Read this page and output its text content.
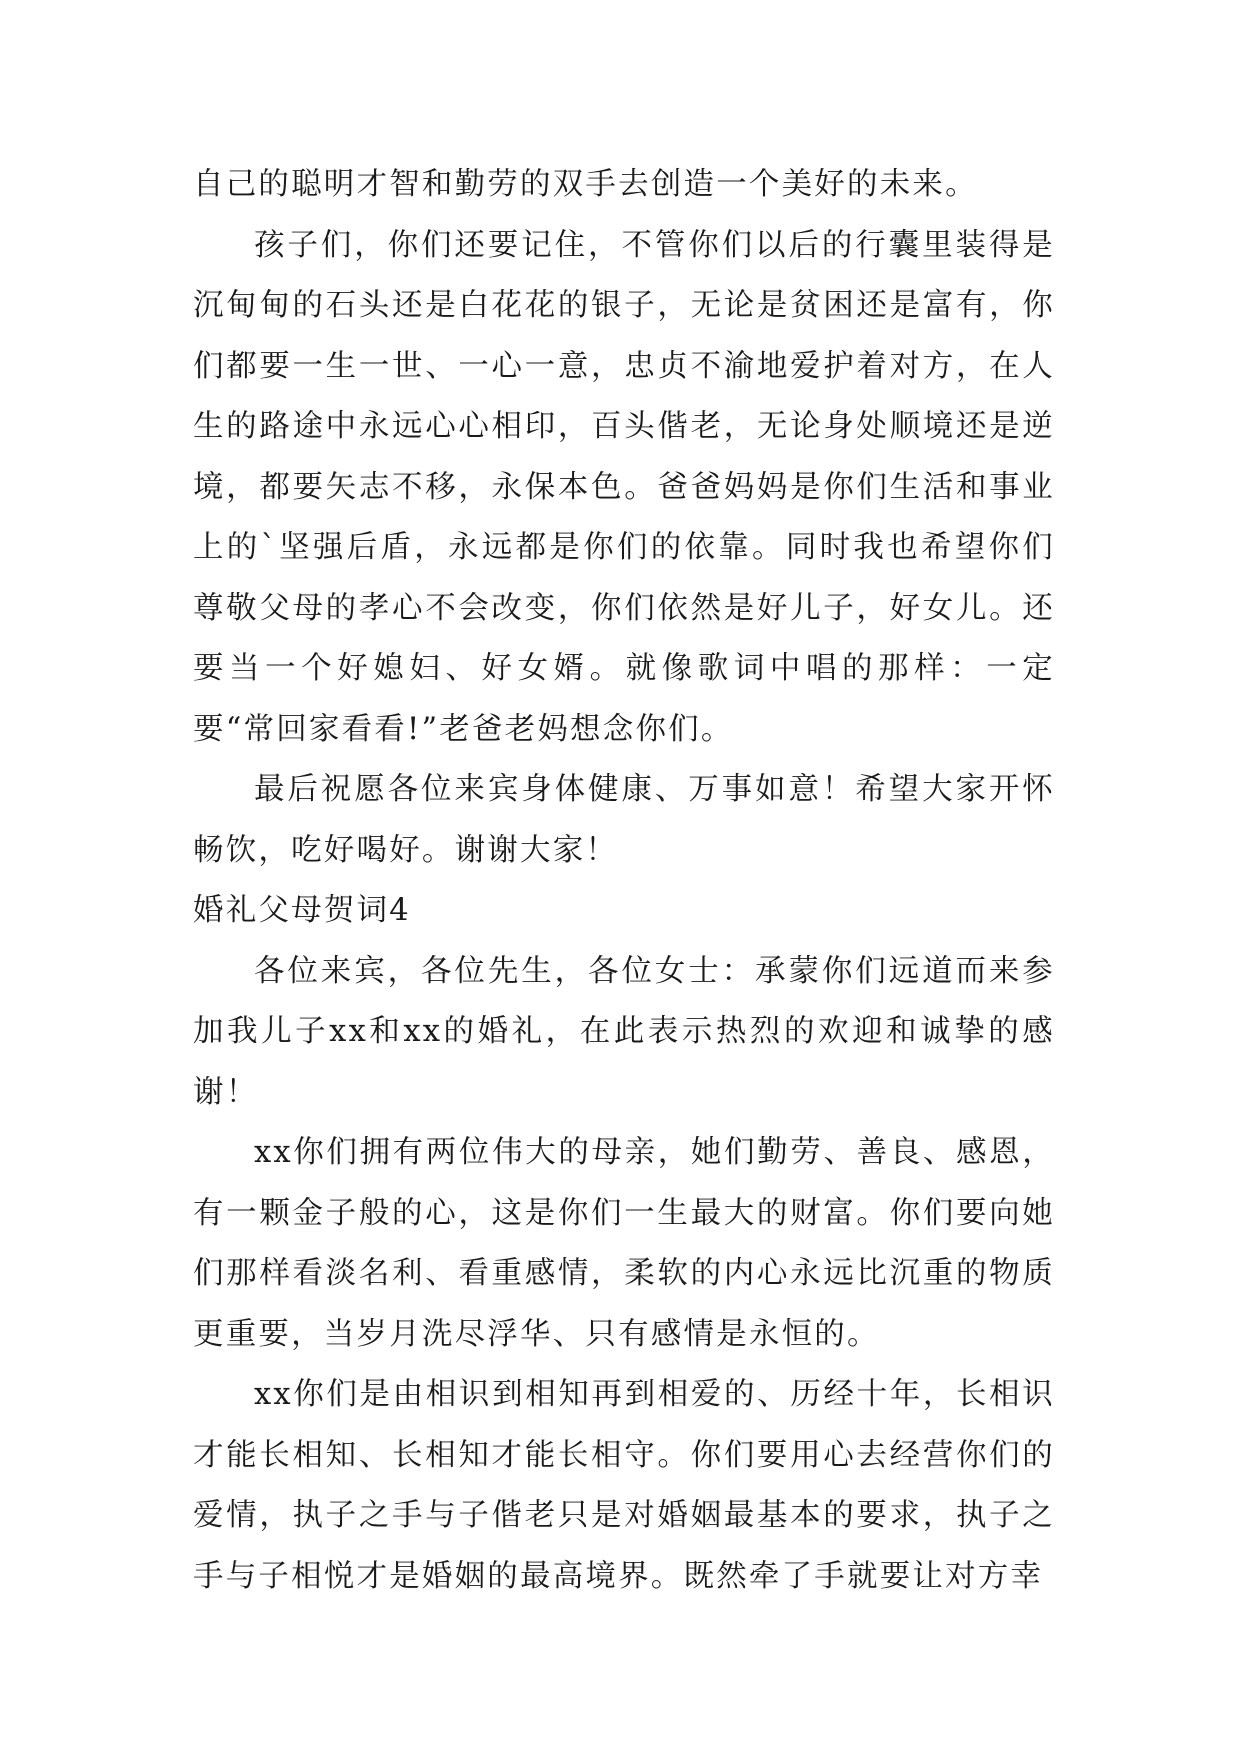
自己的聪明才智和勤劳的双手去创造一个美好的未来。

孩子们，你们还要记住，不管你们以后的行囊里装得是沉甸甸的石头还是白花花的银子，无论是贫困还是富有，你们都要一生一世、一心一意，忠贞不渝地爱护着对方，在人生的路途中永远心心相印，百头偕老，无论身处顺境还是逆境，都要矢志不移，永保本色。爸爸妈妈是你们生活和事业上的`坚强后盾，永远都是你们的依靠。同时我也希望你们尊敬父母的孝心不会改变，你们依然是好儿子，好女儿。还要当一个好媳妇、好女婿。就像歌词中唱的那样：一定要“常回家看看!”老爸老妈想念你们。

最后祝愿各位来宾身体健康、万事如意！希望大家开怀畅饮，吃好喝好。谢谢大家！

婚礼父母贺词4

各位来宾，各位先生，各位女士：承蒙你们远道而来参加我儿子xx和xx的婚礼，在此表示热烈的欢迎和诚挚的感谢！

xx你们拥有两位伟大的母亲，她们勤劳、善良、感恩，有一颗金子般的心，这是你们一生最大的财富。你们要向她们那样看淡名利、看重感情，柔软的内心永远比沉重的物质更重要，当岁月洗尽浮华、只有感情是永恒的。

xx你们是由相识到相知再到相爱的、历经十年，长相识才能长相知、长相知才能长相守。你们要用心去经营你们的爱情，执子之手与子偕老只是对婚姻最基本的要求，执子之手与子相悦才是婚姻的最高境界。既然牵了手就要让对方幸
